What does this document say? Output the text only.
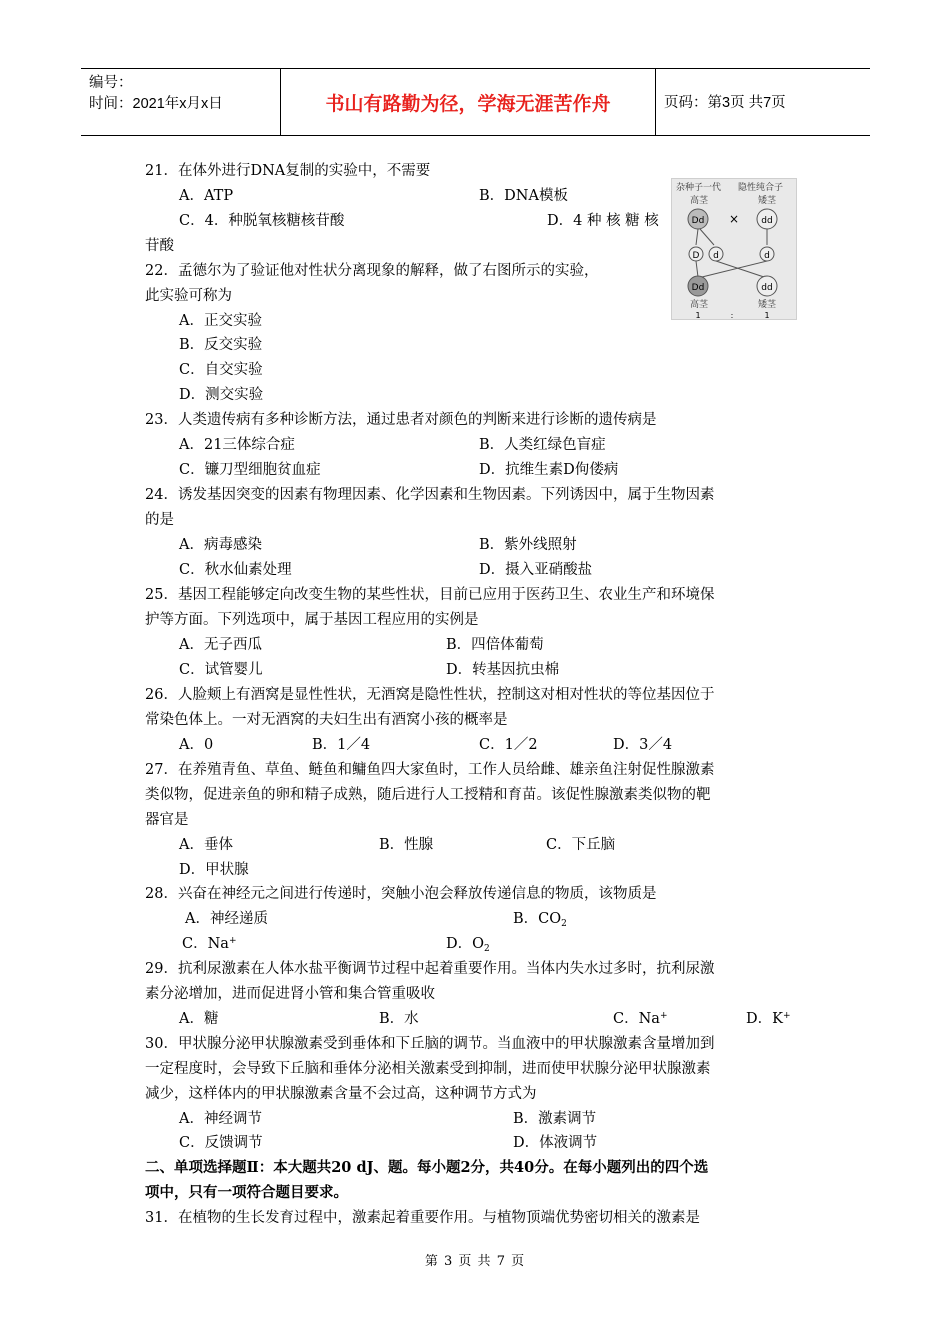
编号：
时间：2021年x月x日	书山有路勤为径，学海无涯苦作舟	页码：第3页 共7页
21．在体外进行DNA复制的实验中，不需要
A．ATP	B．DNA模板
C．4．种脱氧核糖核苷酸	D．4 种 核 糖 核
苷酸
22．孟德尔为了验证他对性状分离现象的解释，做了右图所示的实验，
此实验可称为
A．正交实验
B．反交实验
C．自交实验
D．测交实验
杂种子一代 隐性纯合子
高茎	矮茎
Dd × dd
D d	d
Dd	dd
高茎	矮茎
1	:	1
23．人类遗传病有多种诊断方法，通过患者对颜色的判断来进行诊断的遗传病是
A．21三体综合症	B．人类红绿色盲症
C．镰刀型细胞贫血症	D．抗维生素D佝偻病
24．诱发基因突变的因素有物理因素、化学因素和生物因素。下列诱因中，属于生物因素
的是
A．病毒感染	B．紫外线照射
C．秋水仙素处理	D．摄入亚硝酸盐
25．基因工程能够定向改变生物的某些性状，目前已应用于医药卫生、农业生产和环境保
护等方面。下列选项中，属于基因工程应用的实例是
A．无子西瓜	B．四倍体葡萄
C．试管婴儿	D．转基因抗虫棉
26．人脸颊上有酒窝是显性性状，无酒窝是隐性性状，控制这对相对性状的等位基因位于
常染色体上。一对无酒窝的夫妇生出有酒窝小孩的概率是
A．0	B．1／4	C．1／2	D．3／4
27．在养殖青鱼、草鱼、鲢鱼和鳙鱼四大家鱼时，工作人员给雌、雄亲鱼注射促性腺激素
类似物，促进亲鱼的卵和精子成熟，随后进行人工授精和育苗。该促性腺激素类似物的靶
器官是
A．垂体	B．性腺	C．下丘脑
D．甲状腺
28．兴奋在神经元之间进行传递时，突触小泡会释放传递信息的物质，该物质是
A．神经递质	B．$CO_2$
C．Na+	D．$O_2$
29．抗利尿激素在人体水盐平衡调节过程中起着重要作用。当体内失水过多时，抗利尿激
素分泌增加，进而促进肾小管和集合管重吸收
A．糖	B．水	C．Na+	D．K+
30．甲状腺分泌甲状腺激素受到垂体和下丘脑的调节。当血液中的甲状腺激素含量增加到
一定程度时，会导致下丘脑和垂体分泌相关激素受到抑制，进而使甲状腺分泌甲状腺激素
减少，这样体内的甲状腺激素含量不会过高，这种调节方式为
A．神经调节	B．激素调节
C．反馈调节	D．体液调节
二、单项选择题Ⅱ：本大题共20 dJ、题。每小题2分，共40分。在每小题列出的四个选
项中，只有一项符合题目要求。
31．在植物的生长发育过程中，激素起着重要作用。与植物顶端优势密切相关的激素是
第 3 页 共 7 页
